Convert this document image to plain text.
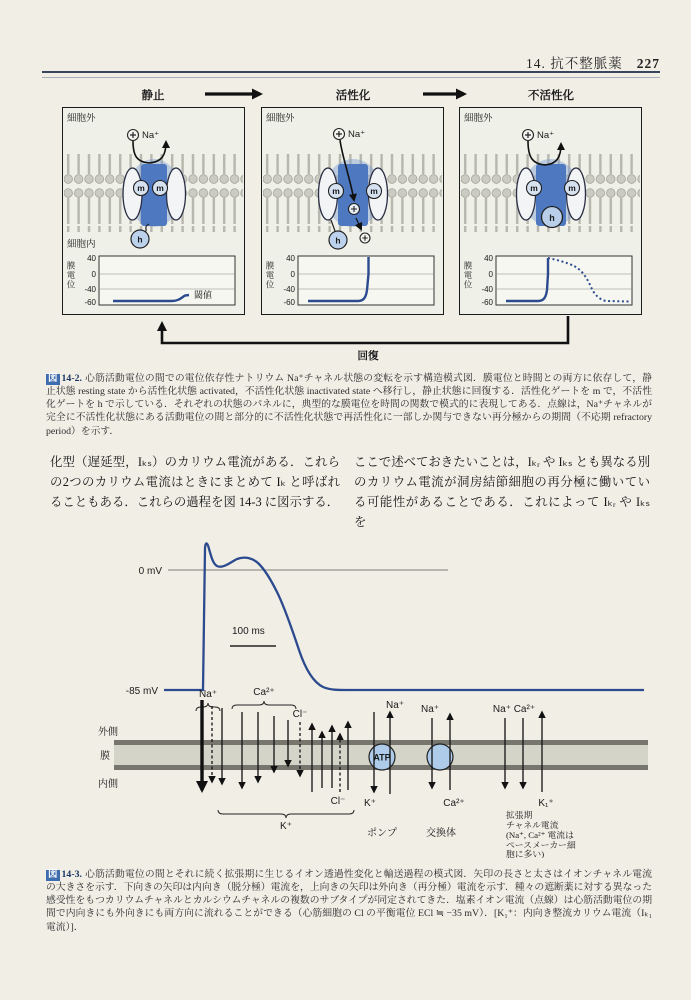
14. 抗不整脈薬 227
静止	活性化	不活性化
細胞外
m m
h
Na⁺
細胞内
40
0
-40
-60
閾値
膜電位
細胞外
m	m
Na⁺
h
40
0
-40
-60
膜電位
細胞外
m	m
h
Na⁺
40
0
-40
-60
膜電位
回復

図 14-2. 心筋活動電位の間での電位依存性ナトリウム Na⁺チャネル状態の変転を示す構造模式図．膜電位と時間との両方に依存して，静止状態 resting state から活性化状態 activated，不活性化状態 inactivated state へ移行し，静止状態に回復する．活性化ゲートを m で，不活性化ゲートを h で示している．それぞれの状態のパネルに，典型的な膜電位を時間の関数で模式的に表現してある．点線は，Na⁺チャネルが完全に不活性化状態にある活動電位の間と部分的に不活性化状態で再活性化に一部しか関与できない再分極からの期間（不応期 refractory period）を示す．

化型（遅延型，Iₖₛ）のカリウム電流がある．これらの2つのカリウム電流はときにまとめて Iₖ と呼ばれることもある．これらの過程を図 14-3 に図示する．
ここで述べておきたいことは，Iₖᵣ や Iₖₛ とも異なる別のカリウム電流が洞房結節細胞の再分極に働いている可能性があることである．これによって Iₖᵣ や Iₖₛ を
0 mV
-85 mV
100 ms
Na⁺	Ca²⁺
Cl⁻
外側
膜
内側
Cl⁻
K⁺
ATP
K⁺
Na⁺
ポンプ
Na⁺
Ca²⁺
交換体
Na⁺ Ca²⁺
K₁⁺
拡張期
チャネル電流
(Na⁺, Ca²⁺ 電流は
ペースメーカー細
胞に多い)

図 14-3. 心筋活動電位の間とそれに続く拡張期に生じるイオン透過性変化と輸送過程の模式図．矢印の長さと太さはイオンチャネル電流の大きさを示す．下向きの矢印は内向き（脱分極）電流を，上向きの矢印は外向き（再分極）電流を示す．種々の遮断薬に対する異なった感受性をもつカリウムチャネルとカルシウムチャネルの複数のサブタイプが同定されてきた．塩素イオン電流（点線）は心筋活動電位の期間で内向きにも外向きにも両方向に流れることができる（心筋細胞の Cl の平衡電位 ECl ≒ −35 mV）．[K₁⁺：内向き整流カリウム電流（Iₖ₁ 電流）]．
